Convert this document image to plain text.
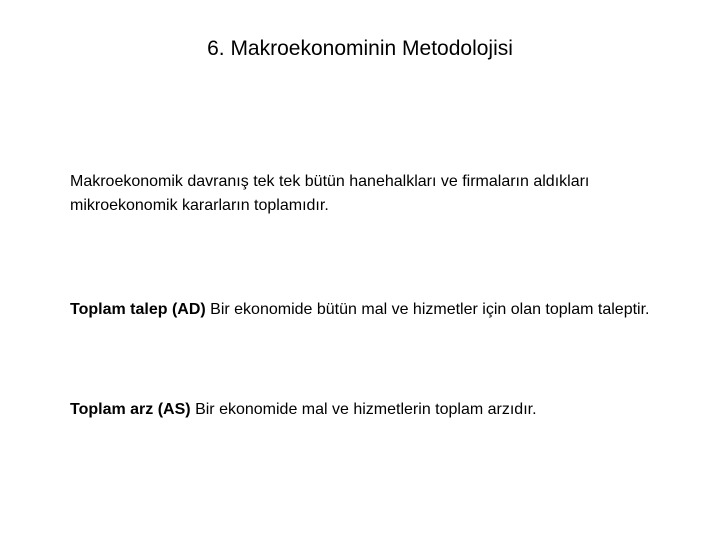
6. Makroekonominin Metodolojisi
Makroekonomik davranış tek tek bütün hanehalkları ve firmaların aldıkları mikroekonomik kararların toplamıdır.
Toplam talep (AD) Bir ekonomide bütün mal ve hizmetler için olan toplam taleptir.
Toplam arz (AS) Bir ekonomide mal ve hizmetlerin toplam arzıdır.
